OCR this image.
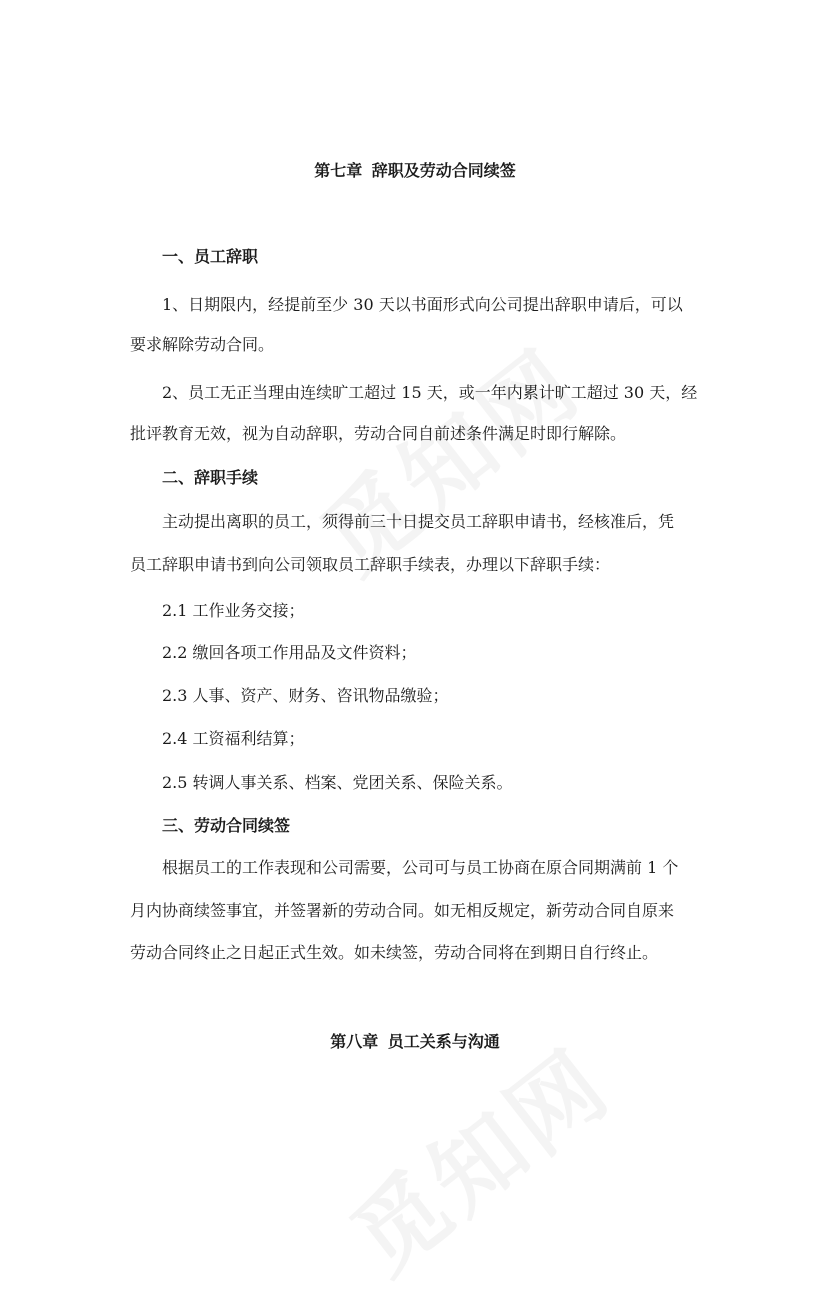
第七章 辞职及劳动合同续签
一、员工辞职
1、日期限内，经提前至少 30 天以书面形式向公司提出辞职申请后，可以
要求解除劳动合同。
2、员工无正当理由连续旷工超过 15 天，或一年内累计旷工超过 30 天，经
批评教育无效，视为自动辞职，劳动合同自前述条件满足时即行解除。
二、辞职手续
主动提出离职的员工，须得前三十日提交员工辞职申请书，经核准后，凭
员工辞职申请书到向公司领取员工辞职手续表，办理以下辞职手续：
2.1 工作业务交接；
2.2 缴回各项工作用品及文件资料；
2.3 人事、资产、财务、咨讯物品缴验；
2.4 工资福利结算；
2.5 转调人事关系、档案、党团关系、保险关系。
三、劳动合同续签
根据员工的工作表现和公司需要，公司可与员工协商在原合同期满前 1 个
月内协商续签事宜，并签署新的劳动合同。如无相反规定，新劳动合同自原来
劳动合同终止之日起正式生效。如未续签，劳动合同将在到期日自行终止。
第八章 员工关系与沟通
